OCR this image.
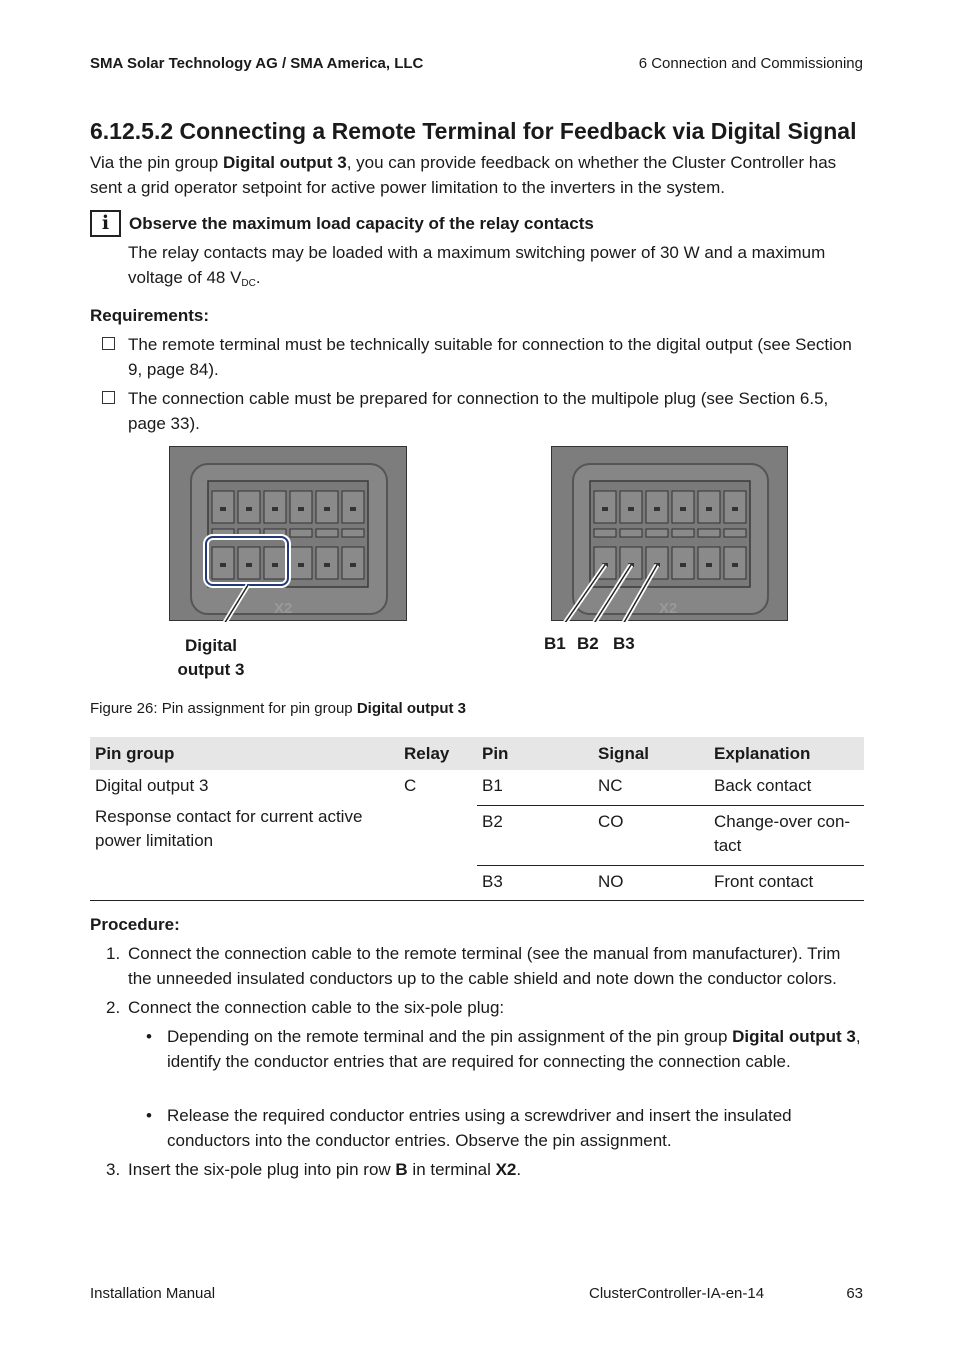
SMA Solar Technology AG / SMA America, LLC	6 Connection and Commissioning
6.12.5.2 Connecting a Remote Terminal for Feedback via Digital Signal
Via the pin group Digital output 3, you can provide feedback on whether the Cluster Controller has sent a grid operator setpoint for active power limitation to the inverters in the system.
i	Observe the maximum load capacity of the relay contacts
The relay contacts may be loaded with a maximum switching power of 30 W and a maximum voltage of 48 $V_{DC}$.
Requirements:
The remote terminal must be technically suitable for connection to the digital output (see Section 9, page 84).
The connection cable must be prepared for connection to the multipole plug (see Section 6.5, page 33).
X2
Digital
output 3
X2
B1 B2 B3
Figure 26: Pin assignment for pin group Digital output 3
Pin group	Relay	Pin	Signal	Explanation

Digital output 3
Response contact for current active power limitation	C	B1	NC	Back contact
		B2	CO	Change-over con-tact

		B3	NO	Front contact
Procedure:
1. Connect the connection cable to the remote terminal (see the manual from manufacturer). Trim the unneeded insulated conductors up to the cable shield and note down the conductor colors.
2. Connect the connection cable to the six-pole plug:
• Depending on the remote terminal and the pin assignment of the pin group Digital output 3, identify the conductor entries that are required for connecting the connection cable.
• Release the required conductor entries using a screwdriver and insert the insulated conductors into the conductor entries. Observe the pin assignment.
3. Insert the six-pole plug into pin row B in terminal X2.
Installation Manual	ClusterController-IA-en-14	63
